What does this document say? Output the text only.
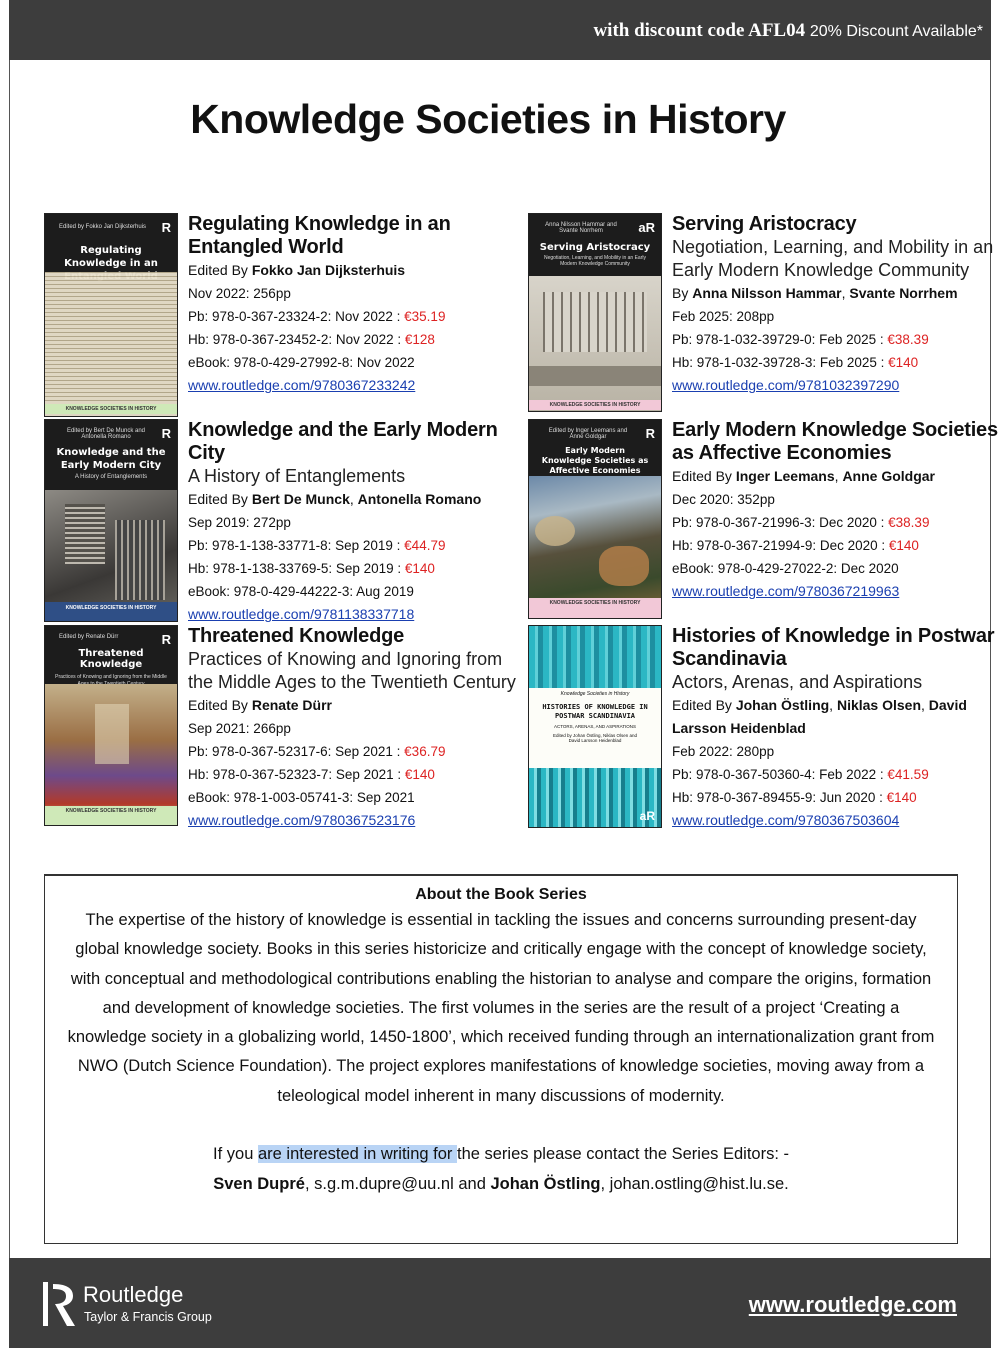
with discount code AFL04 20% Discount Available*
Knowledge Societies in History
R
Edited by Fokko Jan Dijksterhuis
Regulating Knowledge in an
KNOWLEDGE SOCIETIES IN HISTORY
Regulating Knowledge in an Entangled World
Edited By Fokko Jan Dijksterhuis
Nov 2022: 256pp
Pb: 978-0-367-23324-2: Nov 2022 : €35.19
Hb: 978-0-367-23452-2: Nov 2022 : €128
eBook: 978-0-429-27992-8: Nov 2022
www.routledge.com/9780367233242
aR
Anna Nilsson Hammar and Svante Norrhem
Serving Aristocracy
Negotiation, Learning, and Mobility in an Early Modern Knowledge Community
KNOWLEDGE SOCIETIES IN HISTORY
Serving Aristocracy
Negotiation, Learning, and Mobility in an Early Modern Knowledge Community
By Anna Nilsson Hammar, Svante Norrhem
Feb 2025: 208pp
Pb: 978-1-032-39729-0: Feb 2025 : €38.39
Hb: 978-1-032-39728-3: Feb 2025 : €140
www.routledge.com/9781032397290
R
Edited by Bert De Munck and Antonella Romano
Knowledge and the Early Modern City
A History of Entanglements
KNOWLEDGE SOCIETIES IN HISTORY
Knowledge and the Early Modern City
A History of Entanglements
Edited By Bert De Munck, Antonella Romano
Sep 2019: 272pp
Pb: 978-1-138-33771-8: Sep 2019 : €44.79
Hb: 978-1-138-33769-5: Sep 2019 : €140
eBook: 978-0-429-44222-3: Aug 2019
www.routledge.com/9781138337718
R
Edited by Inger Leemans and Anne Goldgar
Early Modern Knowledge Societies as Affective Economies
KNOWLEDGE SOCIETIES IN HISTORY
Early Modern Knowledge Societies as Affective Economies
Edited By Inger Leemans, Anne Goldgar
Dec 2020: 352pp
Pb: 978-0-367-21996-3: Dec 2020 : €38.39
Hb: 978-0-367-21994-9: Dec 2020 : €140
eBook: 978-0-429-27022-2: Dec 2020
www.routledge.com/9780367219963
R
Edited by Renate Dürr
Threatened Knowledge
Practices of Knowing and Ignoring from the Middle
KNOWLEDGE SOCIETIES IN HISTORY
Threatened Knowledge
Practices of Knowing and Ignoring from the Middle Ages to the Twentieth Century
Edited By Renate Dürr
Sep 2021: 266pp
Pb: 978-0-367-52317-6: Sep 2021 : €36.79
Hb: 978-0-367-52323-7: Sep 2021 : €140
eBook: 978-1-003-05741-3: Sep 2021
www.routledge.com/9780367523176
Knowledge Societies in History
HISTORIES OF KNOWLEDGE IN POSTWAR SCANDINAVIA
ACTORS, ARENAS, AND ASPIRATIONS
Edited by Johan Östling, Niklas Olsen and David Larsson Heidenblad
aR
Histories of Knowledge in Postwar Scandinavia
Actors, Arenas, and Aspirations
Edited By Johan Östling, Niklas Olsen, David Larsson Heidenblad
Feb 2022: 280pp
Pb: 978-0-367-50360-4: Feb 2022 : €41.59
Hb: 978-0-367-89455-9: Jun 2020 : €140
www.routledge.com/9780367503604
About the Book Series
The expertise of the history of knowledge is essential in tackling the issues and concerns surrounding present-day global knowledge society. Books in this series historicize and critically engage with the concept of knowledge society, with conceptual and methodological contributions enabling the historian to analyse and compare the origins, formation and development of knowledge societies. The first volumes in the series are the result of a project ‘Creating a knowledge society in a globalizing world, 1450-1800’, which received funding through an internationalization grant from NWO (Dutch Science Foundation). The project explores manifestations of knowledge societies, moving away from a teleological model inherent in many discussions of modernity.
If you are interested in writing for the series please contact the Series Editors: -
Sven Dupré, s.g.m.dupre@uu.nl and Johan Östling, johan.ostling@hist.lu.se.
Routledge
Taylor & Francis Group	www.routledge.com
